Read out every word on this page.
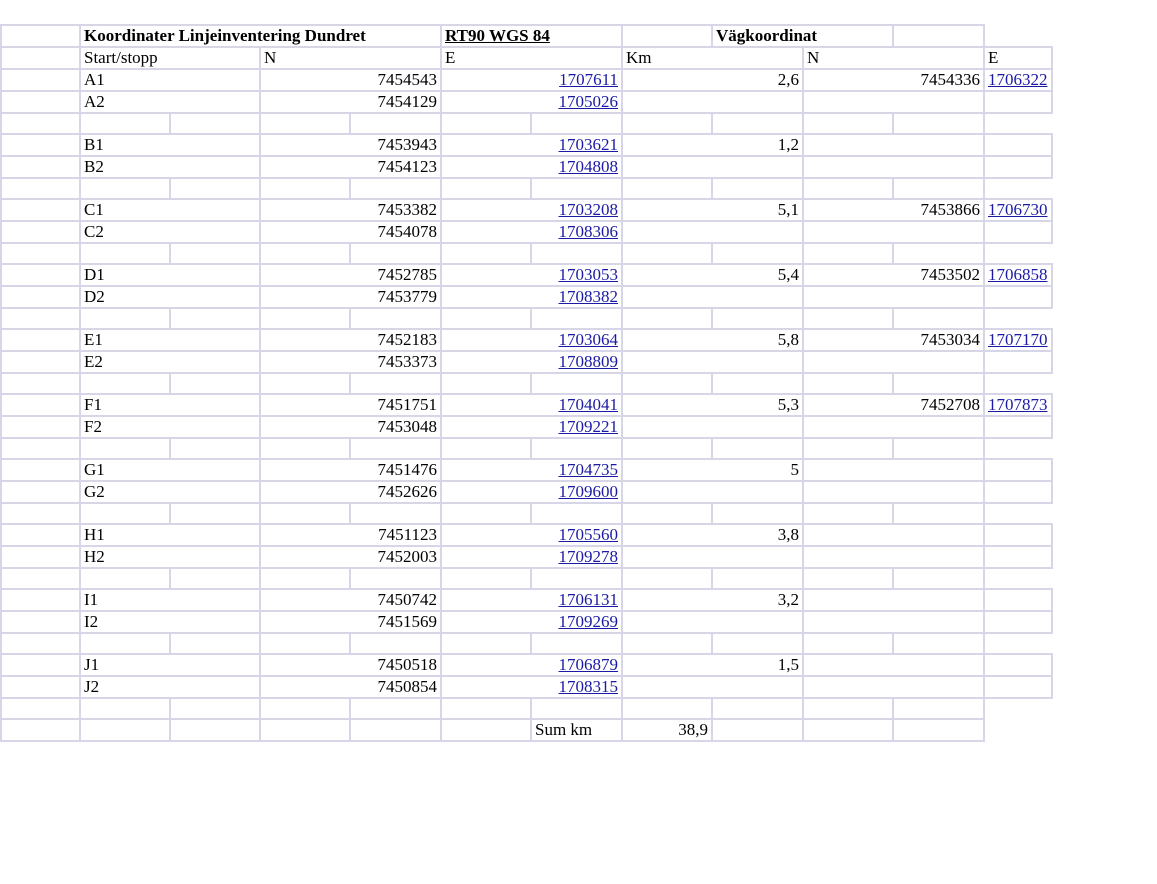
	Koordinater Linjeinventering Dundret				RT90 WGS 84			Vägkoordinat			
	Start/stopp		N		E		Km		N		E
	A1		7454543		1707611		2,6		7454336		1706322
	A2		7454129		1705026						

	B1		7453943		1703621		1,2				
	B2		7454123		1704808						

	C1		7453382		1703208		5,1		7453866		1706730
	C2		7454078		1708306						

	D1		7452785		1703053		5,4		7453502		1706858
	D2		7453779		1708382						

	E1		7452183		1703064		5,8		7453034		1707170
	E2		7453373		1708809						

	F1		7451751		1704041		5,3		7452708		1707873
	F2		7453048		1709221						

	G1		7451476		1704735		5				
	G2		7452626		1709600						

	H1		7451123		1705560		3,8				
	H2		7452003		1709278						

	I1		7450742		1706131		3,2				
	I2		7451569		1709269						

	J1		7450518		1706879		1,5				
	J2		7450854		1708315						

						Sum km	38,9				
